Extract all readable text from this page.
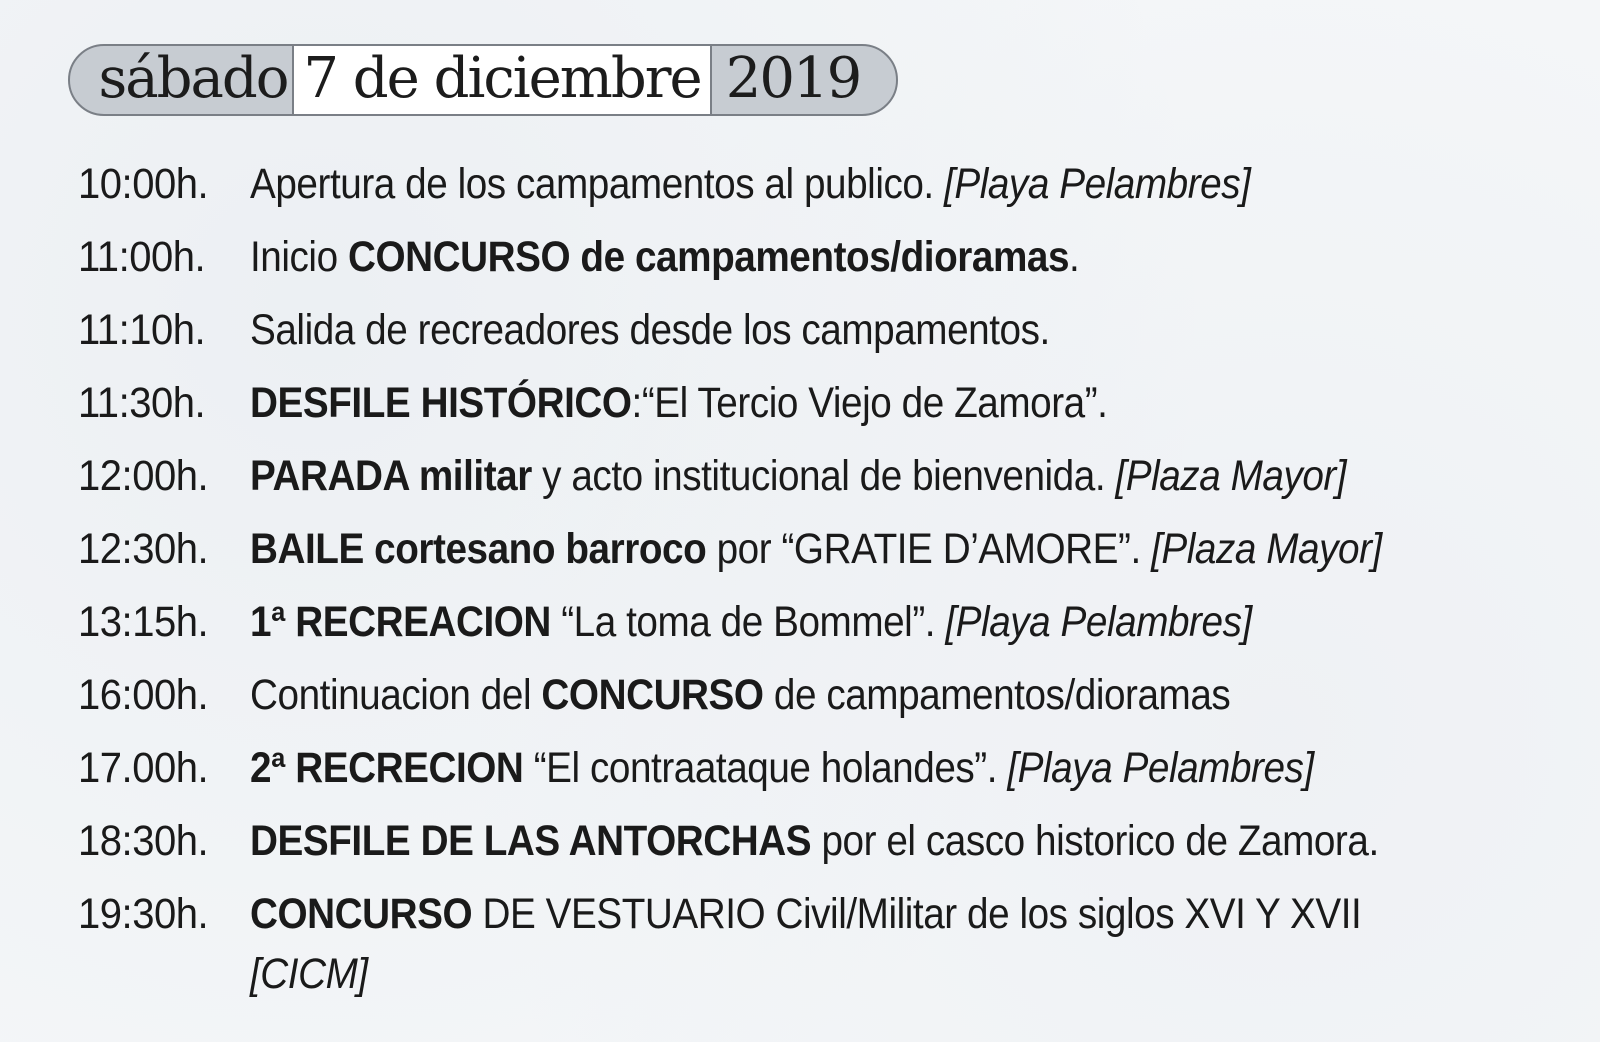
sábado 7 de diciembre 2019
10:00h. Apertura de los campamentos al publico. [Playa Pelambres]
11:00h.	Inicio CONCURSO de campamentos/dioramas.
11:10h.	Salida de recreadores desde los campamentos.
11:30h.	DESFILE HISTÓRICO:“El Tercio Viejo de Zamora”.
12:00h. PARADA militar y acto institucional de bienvenida. [Plaza Mayor]
12:30h. BAILE cortesano barroco por “GRATIE D’AMORE”. [Plaza Mayor]
13:15h. 1ª RECREACION “La toma de Bommel”. [Playa Pelambres]
16:00h. Continuacion del CONCURSO de campamentos/dioramas
17.00h. 2ª RECRECION “El contraataque holandes”. [Playa Pelambres]
18:30h. DESFILE DE LAS ANTORCHAS por el casco historico de Zamora.
19:30h. CONCURSO DE VESTUARIO Civil/Militar de los siglos XVI Y XVII
[CICM]
